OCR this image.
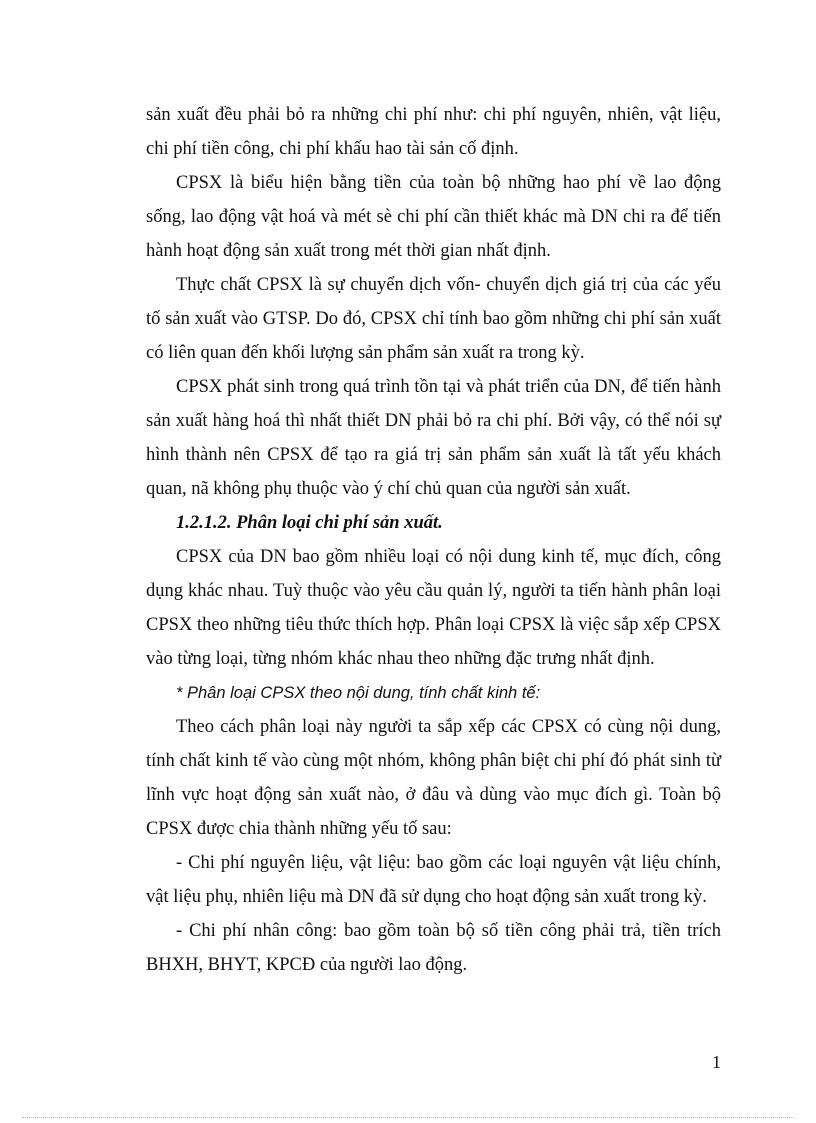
sản xuất đều phải bỏ ra những chi phí như: chi phí nguyên, nhiên, vật liệu, chi phí tiền công, chi phí khấu hao tài sản cố định.

CPSX là biểu hiện bằng tiền của toàn bộ những hao phí về lao động sống, lao động vật hoá và mét sè chi phí cần thiết khác mà DN chi ra để tiến hành hoạt động sản xuất trong mét thời gian nhất định.

Thực chất CPSX là sự chuyển dịch vốn- chuyển dịch giá trị của các yếu tố sản xuất vào GTSP. Do đó, CPSX chỉ tính bao gồm những chi phí sản xuất có liên quan đến khối lượng sản phẩm sản xuất ra trong kỳ.

CPSX phát sinh trong quá trình tồn tại và phát triển của DN, để tiến hành sản xuất hàng hoá thì nhất thiết DN phải bỏ ra chi phí. Bởi vậy, có thể nói sự hình thành nên CPSX để tạo ra giá trị sản phẩm sản xuất là tất yếu khách quan, nã không phụ thuộc vào ý chí chủ quan của người sản xuất.

1.2.1.2. Phân loại chi phí sản xuất.

CPSX của DN bao gồm nhiều loại có nội dung kinh tế, mục đích, công dụng khác nhau. Tuỳ thuộc vào yêu cầu quản lý, người ta tiến hành phân loại CPSX theo những tiêu thức thích hợp. Phân loại CPSX là việc sắp xếp CPSX vào từng loại, từng nhóm khác nhau theo những đặc trưng nhất định.

* Phân loại CPSX theo nội dung, tính chất kinh tế:

Theo cách phân loại này người ta sắp xếp các CPSX có cùng nội dung, tính chất kinh tế vào cùng một nhóm, không phân biệt chi phí đó phát sinh từ lĩnh vực hoạt động sản xuất nào, ở đâu và dùng vào mục đích gì. Toàn bộ CPSX được chia thành những yếu tố sau:

- Chi phí nguyên liệu, vật liệu: bao gồm các loại nguyên vật liệu chính, vật liệu phụ, nhiên liệu mà DN đã sử dụng cho hoạt động sản xuất trong kỳ.

- Chi phí nhân công: bao gồm toàn bộ số tiền công phải trả, tiền trích BHXH, BHYT, KPCĐ của người lao động.

1
